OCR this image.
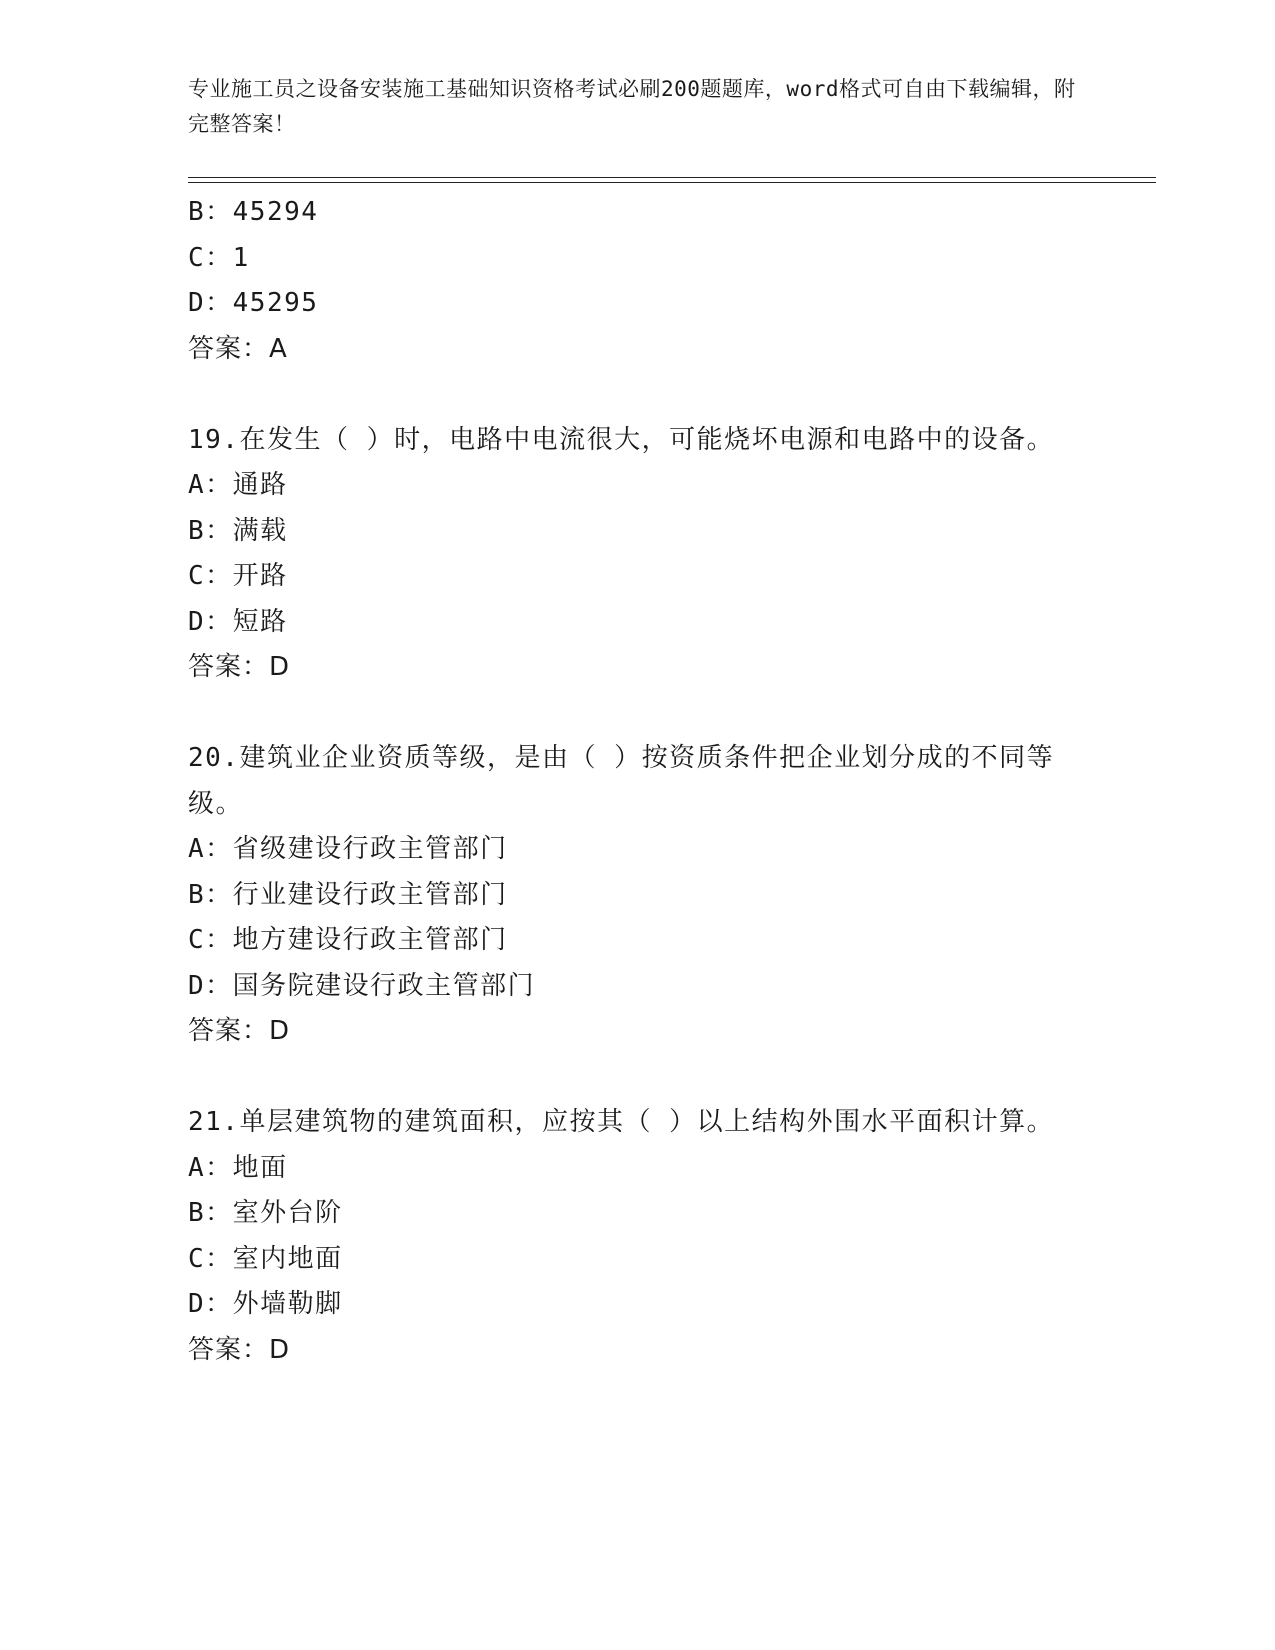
专业施工员之设备安装施工基础知识资格考试必刷200题题库，word格式可自由下载编辑，附完整答案！
B：45294
C：1
D：45295
答案：A
19.在发生（ ）时，电路中电流很大，可能烧坏电源和电路中的设备。
A：通路
B：满载
C：开路
D：短路
答案：D
20.建筑业企业资质等级，是由（ ）按资质条件把企业划分成的不同等级。
A：省级建设行政主管部门
B：行业建设行政主管部门
C：地方建设行政主管部门
D：国务院建设行政主管部门
答案：D
21.单层建筑物的建筑面积，应按其（ ）以上结构外围水平面积计算。
A：地面
B：室外台阶
C：室内地面
D：外墙勒脚
答案：D
